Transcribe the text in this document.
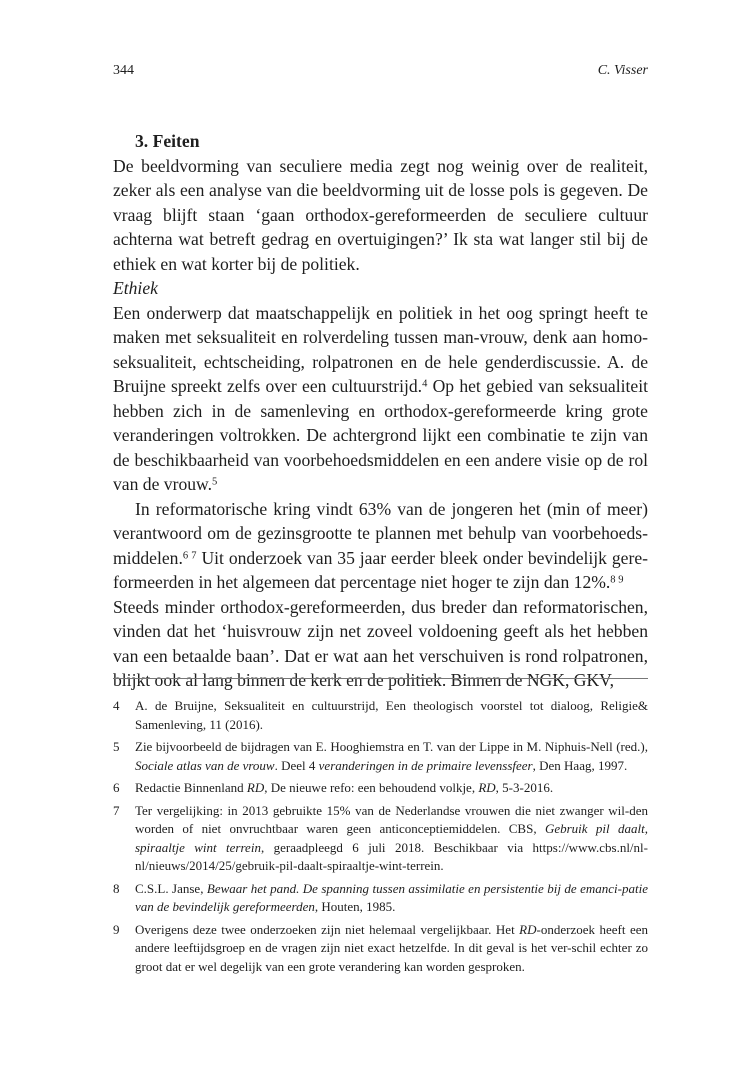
344	C. Visser

3. Feiten

De beeldvorming van seculiere media zegt nog weinig over de realiteit, zeker als een analyse van die beeldvorming uit de losse pols is gegeven. De vraag blijft staan ‘gaan orthodox-gereformeerden de seculiere cultuur achterna wat betreft gedrag en overtuigingen?’ Ik sta wat langer stil bij de ethiek en wat korter bij de politiek.

Ethiek

Een onderwerp dat maatschappelijk en politiek in het oog springt heeft te maken met seksualiteit en rolverdeling tussen man-vrouw, denk aan homo-seksualiteit, echtscheiding, rolpatronen en de hele genderdiscussie. A. de Bruijne spreekt zelfs over een cultuurstrijd.$^4$ Op het gebied van seksualiteit hebben zich in de samenleving en orthodox-gereformeerde kring grote veranderingen voltrokken. De achtergrond lijkt een combinatie te zijn van de beschikbaarheid van voorbehoedsmiddelen en een andere visie op de rol van de vrouw.$^5$

In reformatorische kring vindt 63% van de jongeren het (min of meer) verantwoord om de gezinsgrootte te plannen met behulp van voorbehoeds-middelen.$^{6 7}$ Uit onderzoek van 35 jaar eerder bleek onder bevindelijk gere-formeerden in het algemeen dat percentage niet hoger te zijn dan 12%.$^{8 9}$

Steeds minder orthodox-gereformeerden, dus breder dan reformatorischen, vinden dat het ‘huisvrouw zijn net zoveel voldoening geeft als het hebben van een betaalde baan’. Dat er wat aan het verschuiven is rond rolpatronen, blijkt ook al lang binnen de kerk en de politiek. Binnen de NGK, GKV,

4 A. de Bruijne, Seksualiteit en cultuurstrijd, Een theologisch voorstel tot dialoog, Religie& Samenleving, 11 (2016).
5 Zie bijvoorbeeld de bijdragen van E. Hooghiemstra en T. van der Lippe in M. Niphuis-Nell (red.), Sociale atlas van de vrouw. Deel 4 veranderingen in de primaire levenssfeer, Den Haag, 1997.
6 Redactie Binnenland RD, De nieuwe refo: een behoudend volkje, RD, 5-3-2016.
7 Ter vergelijking: in 2013 gebruikte 15% van de Nederlandse vrouwen die niet zwanger wil-den worden of niet onvruchtbaar waren geen anticonceptiemiddelen. CBS, Gebruik pil daalt, spiraaltje wint terrein, geraadpleegd 6 juli 2018. Beschikbaar via https://www.cbs.nl/nl-nl/nieuws/2014/25/gebruik-pil-daalt-spiraaltje-wint-terrein.
8 C.S.L. Janse, Bewaar het pand. De spanning tussen assimilatie en persistentie bij de emanci-patie van de bevindelijk gereformeerden, Houten, 1985.
9 Overigens deze twee onderzoeken zijn niet helemaal vergelijkbaar. Het RD-onderzoek heeft een andere leeftijdsgroep en de vragen zijn niet exact hetzelfde. In dit geval is het ver-schil echter zo groot dat er wel degelijk van een grote verandering kan worden gesproken.
